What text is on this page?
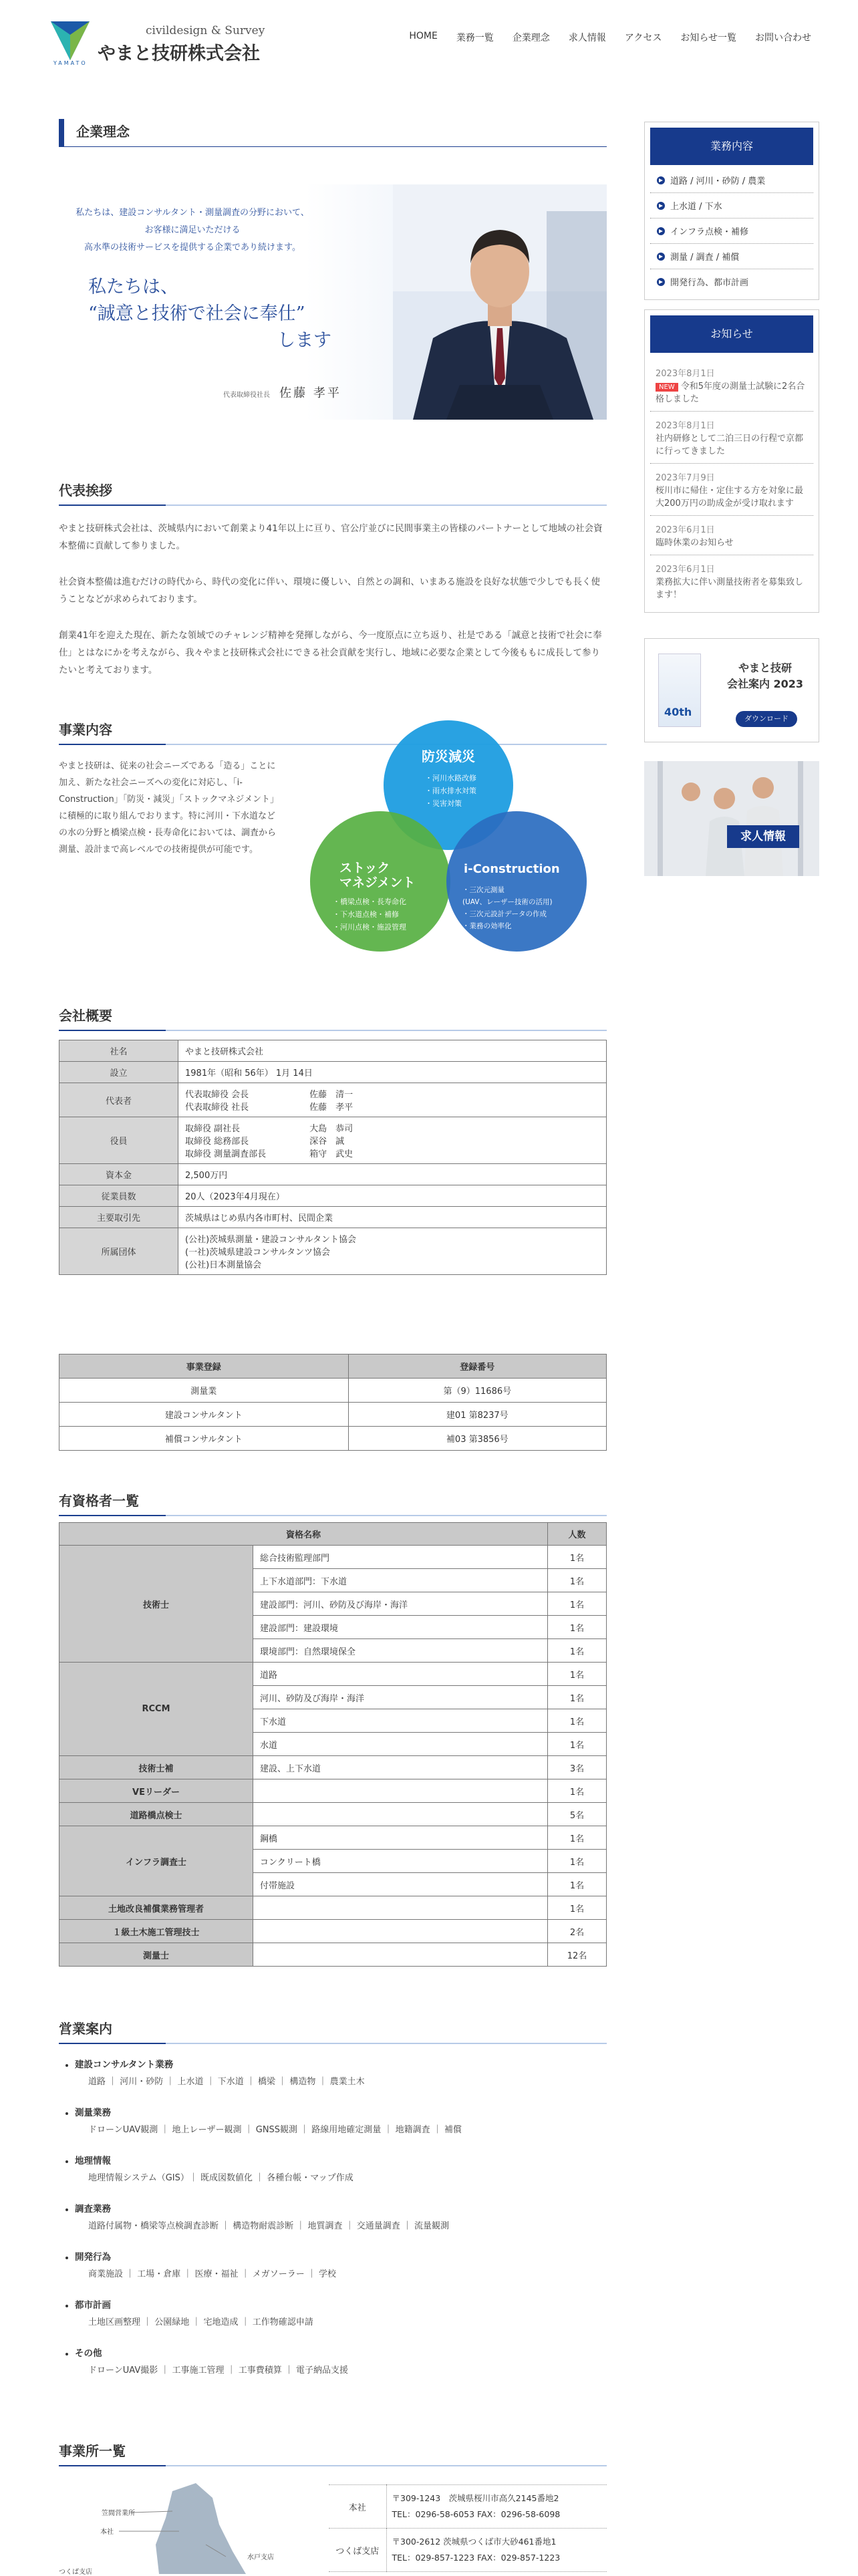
YAMATO
civildesign & Survey
やまと技研株式会社
HOME	業務一覧	企業理念	求人情報	アクセス	お知らせ一覧	お問い合わせ
企業理念
私たちは、建設コンサルタント・測量調査の分野において、
お客様に満足いただける
高水準の技術サービスを提供する企業であり続けます。
私たちは、
“誠意と技術で社会に奉仕”
します
代表取締役社長 佐藤 孝平
代表挨拶
やまと技研株式会社は、茨城県内において創業より41年以上に亘り、官公庁並びに民間事業主の皆様のパートナーとして地域の社会資本整備に貢献して参りました。
社会資本整備は進むだけの時代から、時代の変化に伴い、環境に優しい、自然との調和、いまある施設を良好な状態で少しでも長く使うことなどが求められております。
創業41年を迎えた現在、新たな領域でのチャレンジ精神を発揮しながら、今一度原点に立ち返り、社是である「誠意と技術で社会に奉仕」とはなにかを考えながら、我々やまと技研株式会社にできる社会貢献を実行し、地域に必要な企業として今後ももに成長して参りたいと考えております。
事業内容
やまと技研は、従来の社会ニーズである「造る」ことに加え、新たな社会ニーズへの変化に対応し、「i-Construction」「防災・減災」「ストックマネジメント」に積極的に取り組んでおります。特に河川・下水道などの水の分野と橋梁点検・長寿命化においては、調査から測量、設計まで高レベルでの技術提供が可能です。
防災減災
・河川水路改修
・雨水排水対策
・災害対策
ストック
マネジメント
・橋梁点検・長寿命化
・下水道点検・補修
・河川点検・施設管理
i-Construction
・三次元測量
(UAV、レーザー技術の活用)
・三次元設計データの作成
・業務の効率化
会社概要
社名	やまと技研株式会社
設立	1981年（昭和 56年） 1月 14日
代表者	代表取締役 会長　　　　　　　佐藤　清一
代表取締役 社長　　　　　　　佐藤　孝平

役員	取締役 副社長　　　　　　　　大島　恭司
取締役 総務部長　　　　　　　深谷　誠
取締役 測量調査部長　　　　　箱守　武史

資本金	2,500万円
従業員数	20人（2023年4月現在）
主要取引先	茨城県はじめ県内各市町村、民間企業
所属団体	(公社)茨城県測量・建設コンサルタント協会
(一社)茨城県建設コンサルタンツ協会
(公社)日本測量協会
事業登録	登録番号
測量業	第（9）11686号
建設コンサルタント	建01 第8237号
補償コンサルタント	補03 第3856号
有資格者一覧
資格名称		人数
技術士	総合技術監理部門	1名
	上下水道部門：下水道	1名
	建設部門：河川、砂防及び海岸・海洋	1名
	建設部門：建設環境	1名
	環境部門：自然環境保全	1名
RCCM	道路	1名
	河川、砂防及び海岸・海洋	1名
	下水道	1名
	水道	1名
技術士補	建設、上下水道	3名
VEリーダー		1名
道路橋点検士		5名
インフラ調査士	鋼橋	1名
	コンクリート橋	1名
	付帯施設	1名
土地改良補償業務管理者		1名
１級土木施工管理技士		2名
測量士		12名
営業案内
• 建設コンサルタント業務
道路 ｜ 河川・砂防 ｜ 上水道 ｜ 下水道 ｜ 橋梁 ｜ 構造物 ｜ 農業土木
• 測量業務
ドローンUAV観測 ｜ 地上レーザー観測 ｜ GNSS観測 ｜ 路線用地確定測量 ｜ 地籍調査 ｜ 補償
• 地理情報
地理情報システム（GIS）｜ 既成図数値化 ｜ 各種台帳・マップ作成
• 調査業務
道路付属物・橋梁等点検調査診断 ｜ 構造物耐震診断 ｜ 地質調査 ｜ 交通量調査 ｜ 流量観測
• 開発行為
商業施設 ｜ 工場・倉庫 ｜ 医療・福祉 ｜ メガソーラー ｜ 学校
• 都市計画
土地区画整理 ｜ 公園緑地 ｜ 宅地造成 ｜ 工作物確認申請
• その他
ドローンUAV撮影 ｜ 工事施工管理 ｜ 工事費積算 ｜ 電子納品支援
事業所一覧
笠間営業所
本社
水戸支店
つくば支店
本社	〒309-1243　茨城県桜川市高久2145番地2
TEL：0296-58-6053 FAX：0296-58-6098

つくば支店	〒300-2612 茨城県つくば市大砂461番地1
TEL：029-857-1223 FAX：029-857-1223
業務内容
道路 / 河川・砂防 / 農業
上水道 / 下水
インフラ点検・補修
測量 / 調査 / 補償
開発行為、都市計画
お知らせ
2023年8月1日
NEW 令和5年度の測量士試験に2名合格しました
2023年8月1日
社内研修として二泊三日の行程で京都に行ってきました
2023年7月9日
桜川市に帰住・定住する方を対象に最大200万円の助成金が受け取れます
2023年6月1日
臨時休業のお知らせ
2023年6月1日
業務拡大に伴い測量技術者を募集致します！
40th
やまと技研
会社案内 2023
ダウンロード
求人情報
